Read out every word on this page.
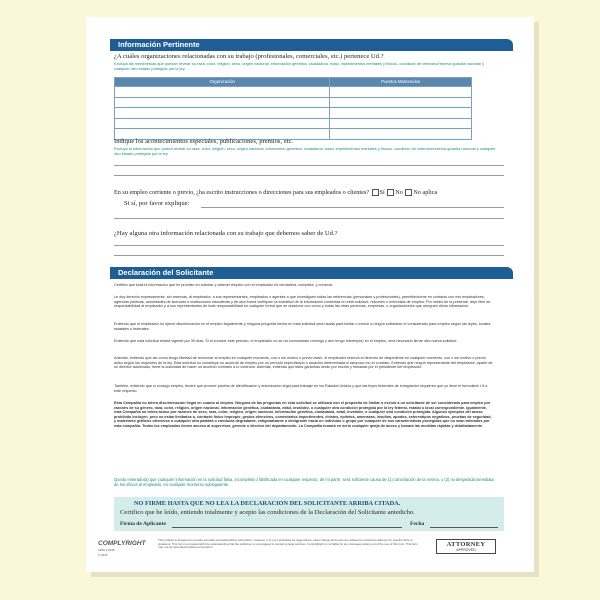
Información Pertinente
¿A cuáles organizaciones relacionadas con su trabajo (profesionales, comerciales, etc.) pertenece Ud.?
Excluya las membresías que puedan revelar su raza, color, religión, sexo, origen nacional, información genética, ciudadanía, edad, impedimentos mentales y físicos, condición de veterano/reserva guardia nacional y cualquier otro estado protegido por la ley.
Organización	Puestos Mantenidos
Indique los acontecimientos especiales, publicaciones, premios, etc.
Excluya la información que podría revelar su raza, color, religión, sexo, origen nacional, información genética, ciudadanía, edad, impedimentos mentales y físicos, condición de veterano/reserva guardia nacional y cualquier otro estado protegido por la ley.
En su empleo corriente o previo, ¿ha escrito instrucciones o direcciones para sus empleados o clientes? Sí No No aplica
Si sí, por favor explique:
¿Hay alguna otra información relacionada con su trabajo que debemos saber de Ud.?
Declaración del Solicitante

Certifico que toda la información que he provisto en solicitar y obtener empleo con el empleador es verdadera, completa, y correcta.

Le doy derecho expresamente, sin reservas, al empleador, a sus representantes, empleados o agentes a que investiguen todas las referencias (personales y profesionales), permitiéndome en contacto con mis empleadores, agencias públicas, autoridades de licencias e instituciones educativas y de otra forma verifiquen la exactitud de la información contenida en esta solicitud, resumen o entrevista de empleo. Por medio de la presente, dejo libre de responsabilidad al empleador y a sus representantes de toda responsabilidad en cualquier forma que se relacione con cómo y todas las otras personas, empresas, u organizaciones que otorguen dicha información.

Entiendo que el empleador no ejerce discriminación en el empleo ilegalmente y ninguna pregunta hecha en esta solicitud será usada para limitar o excluir a ningún solicitante el considerado para empleo según las leyes, locales estatales o federales.

Entiendo que esta solicitud estará vigente por 30 días. Si al concluir este período, el empleador no se ha comunicado conmigo y aún tengo interés(es) en el empleo, será necesario llenar otra nueva solicitud.

Además, entiendo que así como tengo libertad de renunciar al empleo en cualquier momento, con o sin motivo o previo aviso, el empleador reserva el derecho de despedirme en cualquier momento, con o sin motivo o previo aviso según los requisitos de la ley. Esta solicitud no constituye un acuerdo de empleo por un período especificado o duración determinada ni tampoco es un contrato. Entiendo que ningún representante del empleador, aparte de un director autorizado, tiene la autoridad de hacer un acuerdo contrario a lo contrario. Además, entiendo que tales garantías serán por escrito y firmadas por el presidente del empleador.

También, entiendo que si consigo empleo, tendré que proveer prueba de identificación y autorización legal para trabajar en los Estados Unidos y que las leyes federales de inmigración requieren que yo llene el formulario I-9 a este respecto.

Esta Compañía no tolera discriminación ilegal en cuanto al empleo. Ninguna de las preguntas en esta solicitud se utilizará con el propósito de limitar o excluir a un solicitante de ser considerado para empleo por razones de su género, raza, color, religión, origen nacional, información genética, ciudadanía, edad, invalidez, o cualquier otra condición protegida por la ley federal, estatal o local correspondiente. Igualmente, esta Compañía no tolera acoso por razones de sexo, raza, color, religión, origen nacional, información genética, ciudadanía, edad, invalidez, o cualquier otra condición protegida. Algunos ejemplos del acoso prohibido incluyen, pero no están limitados a, contacto físico impropio, gestos ofensivos, comentarios impertinentes, chistes, epítetos, amenazas, insultos, apodos, estereotipos negativos, pruebas de seguridad, y materiales gráficos ofensivos o cualquier otra palabra o conducta degradante, estigmatizante o denigrante hacia un individuo o grupo por cualquier de sus características protegidas que no sean tolerados por esta compañía. Todos los empleados tienen acceso al supervisor, gerente o director del departamento. La Compañía tomará en serio cualquier queja de acoso y tomará las medidas rápidas y detalladamente.

Quedo enterado(a) que cualquier información en la solicitud falsa, incompleta o falsificada en cualquier respecto, de mi parte, será suficiente causa de (1) cancelación de la misma, o (2) mi despedida inmediata de los oficios al empleado, en cualquier momento subsiguiente.

NO FIRME HASTA QUE NO LEA LA DECLARACION DEL SOLICITANTE ARRIBA CITADA.
Certifico que he leído, entiendo totalmente y acepto las condiciones de la Declaración del Solicitante antedicho.
Firma de Aplicante	Fecha
COMPLYRIGHT
A180-2 2015
© 2015
This product is designed to provide accurate and authoritative information. However, it is not a substitute for legal advice. Laws change and users are advised to consult an attorney for specific facts or situations. This form is provided with the understanding that the publisher is not engaged in rendering legal services. ComplyRight is not liable for any damages arising out of the use of this form. This form may not be reproduced without permission.	ATTORNEY
APPROVED
